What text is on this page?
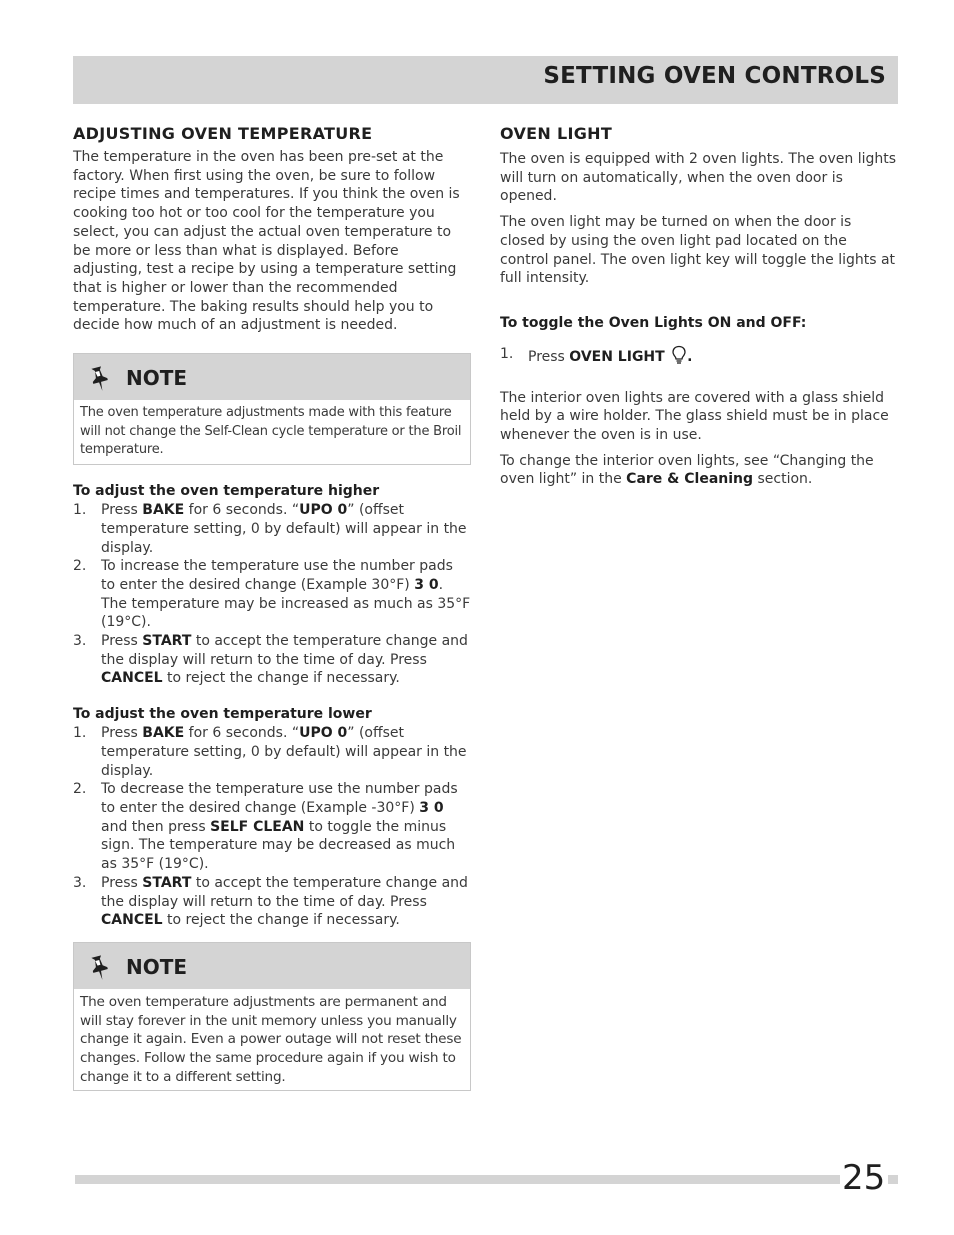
SETTING OVEN CONTROLS
ADJUSTING OVEN TEMPERATURE

The temperature in the oven has been pre-set at the factory. When first using the oven, be sure to follow recipe times and temperatures. If you think the oven is cooking too hot or too cool for the temperature you select, you can adjust the actual oven temperature to be more or less than what is displayed. Before adjusting, test a recipe by using a temperature setting that is higher or lower than the recommended temperature. The baking results should help you to decide how much of an adjustment is needed.

NOTE
The oven temperature adjustments made with this feature will not change the Self-Clean cycle temperature or the Broil temperature.
To adjust the oven temperature higher
1. Press BAKE for 6 seconds. “UPO 0” (offset temperature setting, 0 by default) will appear in the display.
2. To increase the temperature use the number pads to enter the desired change (Example 30°F) 3 0. The temperature may be increased as much as 35°F (19°C).
3. Press START to accept the temperature change and the display will return to the time of day. Press CANCEL to reject the change if necessary.
To adjust the oven temperature lower
1. Press BAKE for 6 seconds. “UPO 0” (offset temperature setting, 0 by default) will appear in the display.
2. To decrease the temperature use the number pads to enter the desired change (Example -30°F) 3 0 and then press SELF CLEAN to toggle the minus sign. The temperature may be decreased as much as 35°F (19°C).
3. Press START to accept the temperature change and the display will return to the time of day. Press CANCEL to reject the change if necessary.
NOTE
The oven temperature adjustments are permanent and will stay forever in the unit memory unless you manually change it again. Even a power outage will not reset these changes. Follow the same procedure again if you wish to change it to a different setting.
OVEN LIGHT

The oven is equipped with 2 oven lights. The oven lights will turn on automatically, when the oven door is opened.

The oven light may be turned on when the door is closed by using the oven light pad located on the control panel. The oven light key will toggle the lights at full intensity.

To toggle the Oven Lights ON and OFF:
1. Press OVEN LIGHT .

The interior oven lights are covered with a glass shield held by a wire holder. The glass shield must be in place whenever the oven is in use.

To change the interior oven lights, see “Changing the oven light” in the Care & Cleaning section.

25
